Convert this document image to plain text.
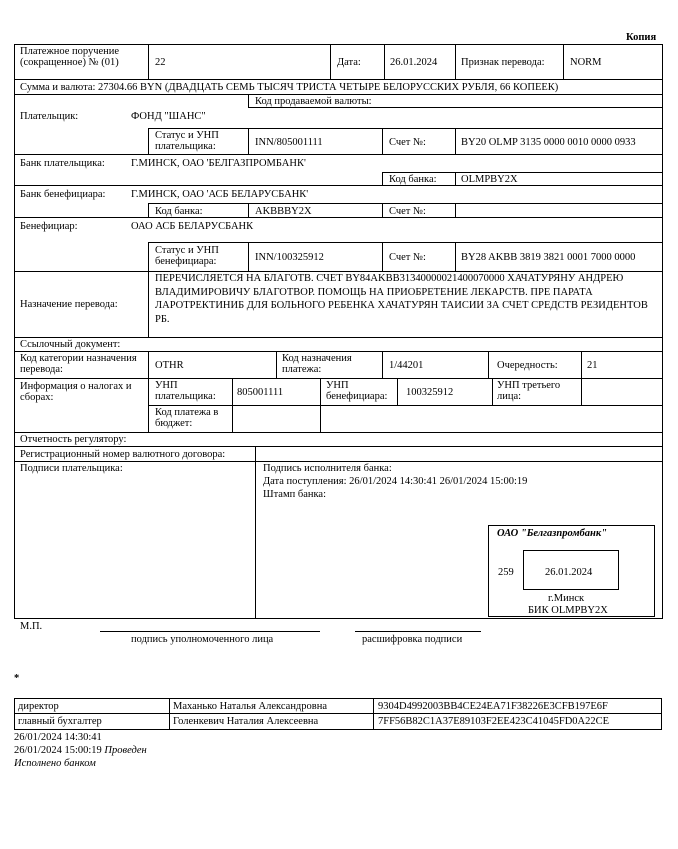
Копия
Платежное поручение (сокращенное) № (01)	22	Дата:	26.01.2024 Признак перевода: NORM
Сумма и валюта: 27304.66 BYN (ДВАДЦАТЬ СЕМЬ ТЫСЯЧ ТРИСТА ЧЕТЫРЕ БЕЛОРУССКИХ РУБЛЯ, 66 КОПЕЕК)
Код продаваемой валюты:
Плательщик:	ФОНД "ШАНС"
Статус и УНП плательщика:	INN/805001111	Счет №:	BY20 OLMP 3135 0000 0010 0000 0933
Банк плательщика: Г.МИНСК, ОАО 'БЕЛГАЗПРОМБАНК'
Код банка: OLMPBY2X
Банк бенефициара: Г.МИНСК, ОАО 'АСБ БЕЛАРУСБАНК'
Код банка:	AKBBBY2X	Счет №:
Бенефициар:	ОАО АСБ БЕЛАРУСБАНК
Статус и УНП бенефициара:	INN/100325912	Счет №:	BY28 AKBB 3819 3821 0001 7000 0000
Назначение перевода:
ПЕРЕЧИСЛЯЕТСЯ НА БЛАГОТВ. СЧЕТ BY84AKBB31340000021400070000 ХАЧАТУРЯНУ АНДРЕЮ ВЛАДИМИРОВИЧУ БЛАГОТВОР. ПОМОЩЬ НА ПРИОБРЕТЕНИЕ ЛЕКАРСТВ. ПРЕ ПАРАТА ЛАРОТРЕКТИНИБ ДЛЯ БОЛЬНОГО РЕБЕНКА ХАЧАТУРЯН ТАИСИИ ЗА СЧЕТ СРЕДСТВ РЕЗИДЕНТОВ РБ.
Ссылочный документ:
Код категории назначения перевода:	OTHR
Код назначения платежа:	1/44201	Очередность:	21
Информация о налогах и сборах:
УНП плательщика:	805001111
УНП бенефициара:	100325912
УНП третьего лица:
Код платежа в бюджет:
Отчетность регулятору:
Регистрационный номер валютного договора:
Подписи плательщика:	Подпись исполнителя банка:
Дата поступления: 26/01/2024 14:30:41 26/01/2024 15:00:19
Штамп банка:
ОАО "Белгазпромбанк"
259	26.01.2024
г.Минск
БИК OLMPBY2X
М.П.
подпись уполномоченного лица	расшифровка подписи
*
директор	Маханько Наталья Александровна	9304D4992003BB4CE24EA71F38226E3CFB197E6F
главный бухгалтер	Голенкевич Наталия Алексеевна	7FF56B82C1A37E89103F2EE423C41045FD0A22CE
26/01/2024 14:30:41
26/01/2024 15:00:19 Проведен
Исполнено банком
